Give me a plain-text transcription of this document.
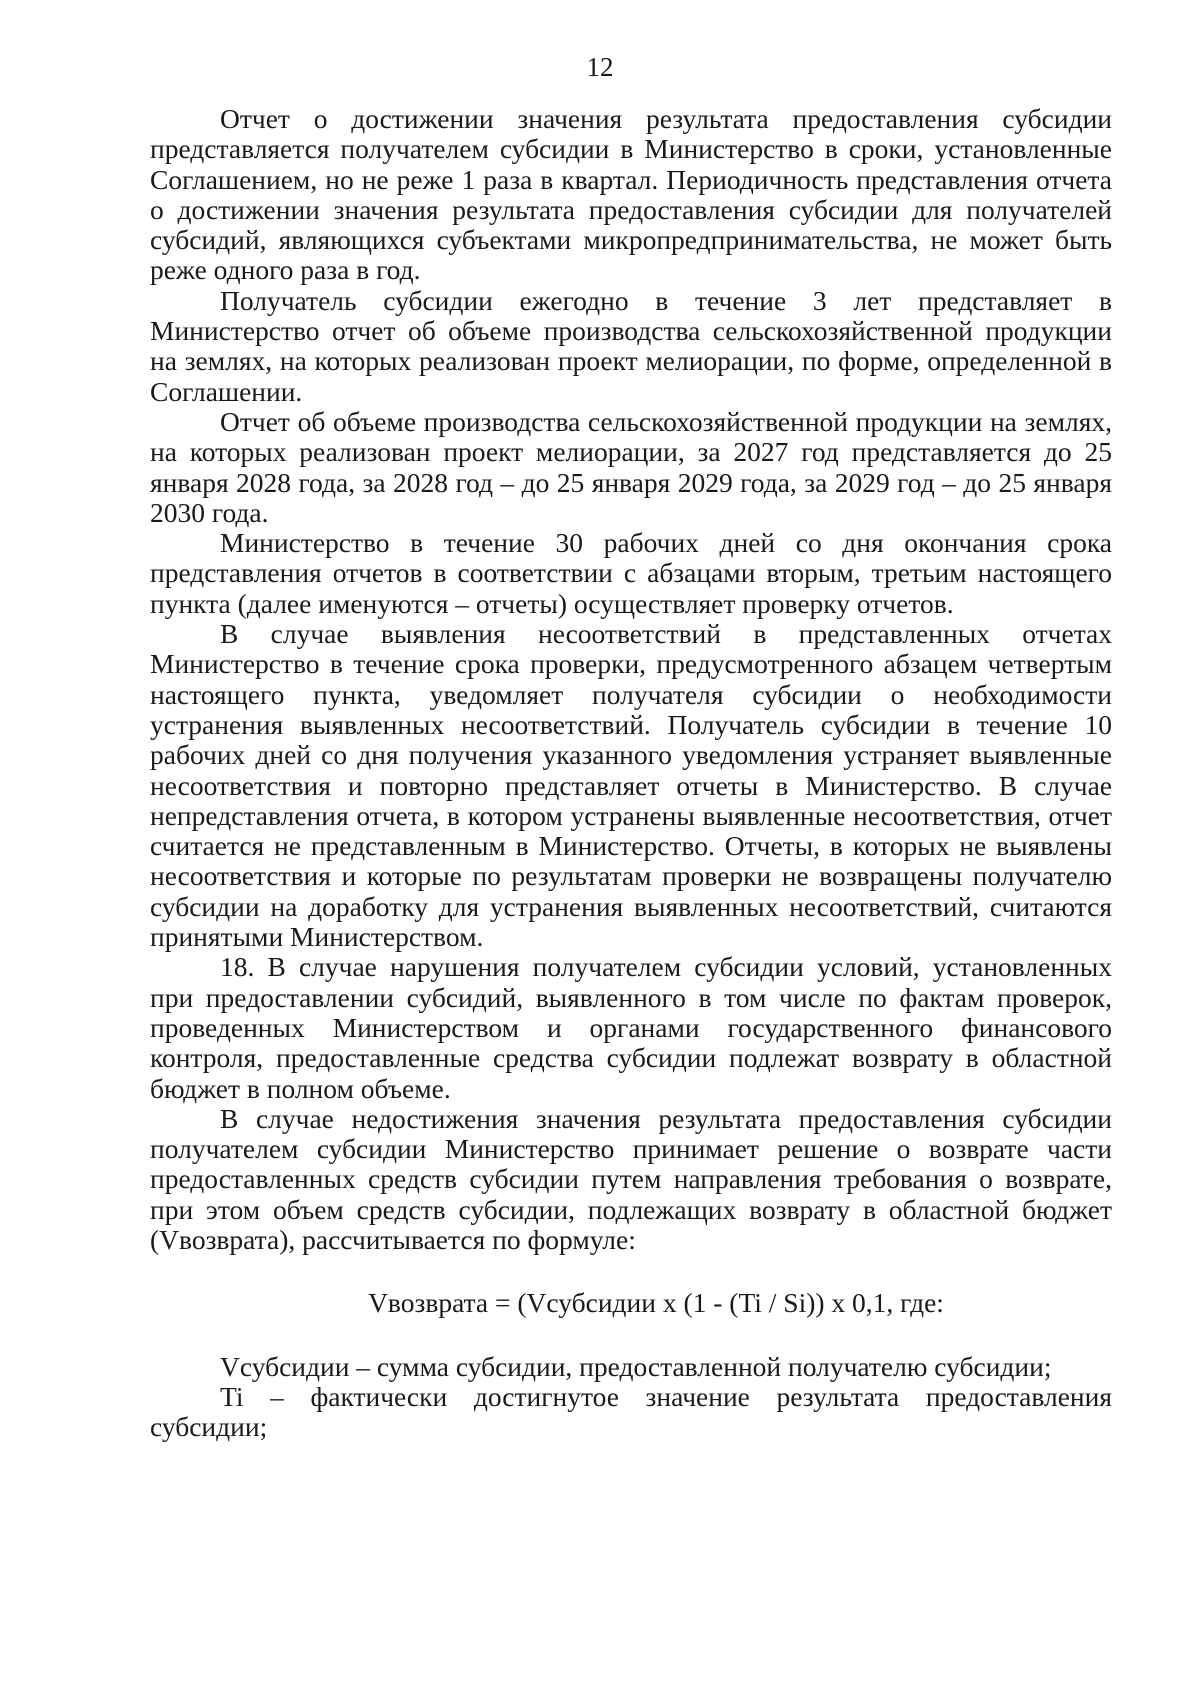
12

Отчет о достижении значения результата предоставления субсидии представляется получателем субсидии в Министерство в сроки, установленные Соглашением, но не реже 1 раза в квартал. Периодичность представления отчета о достижении значения результата предоставления субсидии для получателей субсидий, являющихся субъектами микропредпринимательства, не может быть реже одного раза в год.

Получатель субсидии ежегодно в течение 3 лет представляет в Министерство отчет об объеме производства сельскохозяйственной продукции на землях, на которых реализован проект мелиорации, по форме, определенной в Соглашении.

Отчет об объеме производства сельскохозяйственной продукции на землях, на которых реализован проект мелиорации, за 2027 год представляется до 25 января 2028 года, за 2028 год – до 25 января 2029 года, за 2029 год – до 25 января 2030 года.

Министерство в течение 30 рабочих дней со дня окончания срока представления отчетов в соответствии с абзацами вторым, третьим настоящего пункта (далее именуются – отчеты) осуществляет проверку отчетов.

В случае выявления несоответствий в представленных отчетах Министерство в течение срока проверки, предусмотренного абзацем четвертым настоящего пункта, уведомляет получателя субсидии о необходимости устранения выявленных несоответствий. Получатель субсидии в течение 10 рабочих дней со дня получения указанного уведомления устраняет выявленные несоответствия и повторно представляет отчеты в Министерство. В случае непредставления отчета, в котором устранены выявленные несоответствия, отчет считается не представленным в Министерство. Отчеты, в которых не выявлены несоответствия и которые по результатам проверки не возвращены получателю субсидии на доработку для устранения выявленных несоответствий, считаются принятыми Министерством.

18. В случае нарушения получателем субсидии условий, установленных при предоставлении субсидий, выявленного в том числе по фактам проверок, проведенных Министерством и органами государственного финансового контроля, предоставленные средства субсидии подлежат возврату в областной бюджет в полном объеме.

В случае недостижения значения результата предоставления субсидии получателем субсидии Министерство принимает решение о возврате части предоставленных средств субсидии путем направления требования о возврате, при этом объем средств субсидии, подлежащих возврату в областной бюджет (Vвозврата), рассчитывается по формуле:

Vвозврата = (Vсубсидии x (1 - (Ti / Si)) x 0,1, где:

Vсубсидии – сумма субсидии, предоставленной получателю субсидии;

Ti – фактически достигнутое значение результата предоставления субсидии;
